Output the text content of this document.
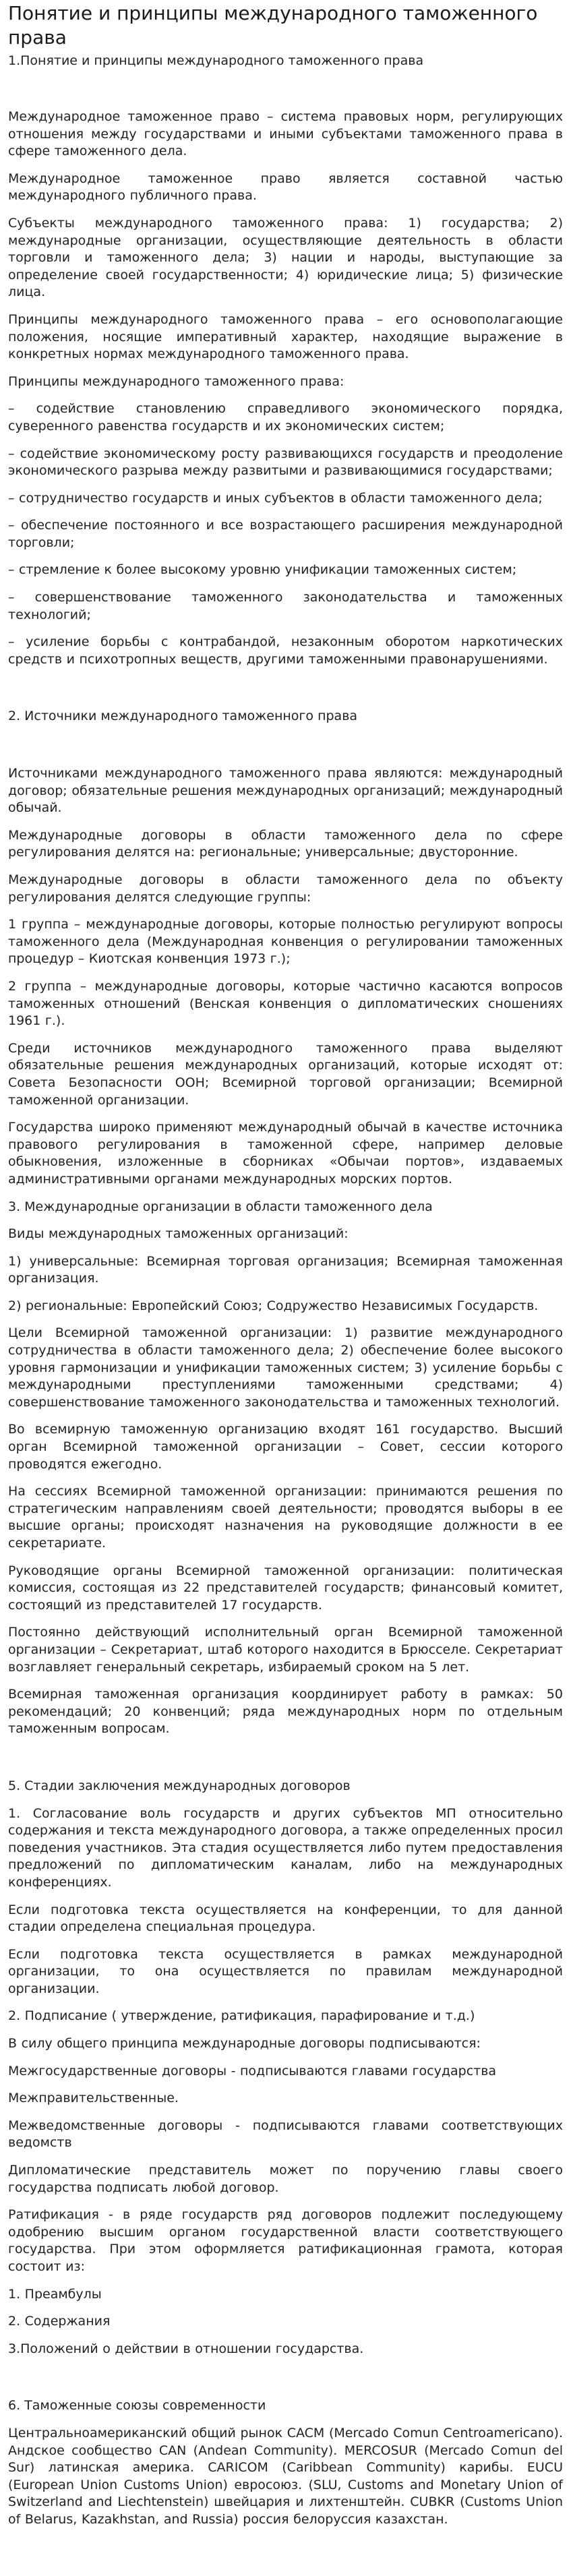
Понятие и принципы международного таможенного права
1.Понятие и принципы международного таможенного права

Международное таможенное право – система правовых норм, регулирующих отношения между государствами и иными субъектами таможенного права в сфере таможенного дела.

Международное таможенное право является составной частью международного публичного права.

Субъекты международного таможенного права: 1) государства; 2) международные организации, осуществляющие деятельность в области торговли и таможенного дела; 3) нации и народы, выступающие за определение своей государственности; 4) юридические лица; 5) физические лица.

Принципы международного таможенного права – его основополагающие положения, носящие императивный характер, находящие выражение в конкретных нормах международного таможенного права.

Принципы международного таможенного права:

– содействие становлению справедливого экономического порядка, суверенного равенства государств и их экономических систем;

– содействие экономическому росту развивающихся государств и преодоление экономического разрыва между развитыми и развивающимися государствами;

– сотрудничество государств и иных субъектов в области таможенного дела;

– обеспечение постоянного и все возрастающего расширения международной торговли;

– стремление к более высокому уровню унификации таможенных систем;

– совершенствование таможенного законодательства и таможенных технологий;

– усиление борьбы с контрабандой, незаконным оборотом наркотических средств и психотропных веществ, другими таможенными правонарушениями.

2. Источники международного таможенного права

Источниками международного таможенного права являются: международный договор; обязательные решения международных организаций; международный обычай.

Международные договоры в области таможенного дела по сфере регулирования делятся на: региональные; универсальные; двусторонние.

Международные договоры в области таможенного дела по объекту регулирования делятся следующие группы:

1 группа – международные договоры, которые полностью регулируют вопросы таможенного дела (Международная конвенция о регулировании таможенных процедур – Киотская конвенция 1973 г.);

2 группа – международные договоры, которые частично касаются вопросов таможенных отношений (Венская конвенция о дипломатических сношениях 1961 г.).

Среди источников международного таможенного права выделяют обязательные решения международных организаций, которые исходят от: Совета Безопасности ООН; Всемирной торговой организации; Всемирной таможенной организации.

Государства широко применяют международный обычай в качестве источника правового регулирования в таможенной сфере, например деловые обыкновения, изложенные в сборниках «Обычаи портов», издаваемых административными органами международных морских портов.

3. Международные организации в области таможенного дела

Виды международных таможенных организаций:

1) универсальные: Всемирная торговая организация; Всемирная таможенная организация.

2) региональные: Европейский Союз; Содружество Независимых Государств.

Цели Всемирной таможенной организации: 1) развитие международного сотрудничества в области таможенного дела; 2) обеспечение более высокого уровня гармонизации и унификации таможенных систем; 3) усиление борьбы с международными преступлениями таможенными средствами; 4) совершенствование таможенного законодательства и таможенных технологий.

Во всемирную таможенную организацию входят 161 государство. Высший орган Всемирной таможенной организации – Совет, сессии которого проводятся ежегодно.

На сессиях Всемирной таможенной организации: принимаются решения по стратегическим направлениям своей деятельности; проводятся выборы в ее высшие органы; происходят назначения на руководящие должности в ее секретариате.

Руководящие органы Всемирной таможенной организации: политическая комиссия, состоящая из 22 представителей государств; финансовый комитет, состоящий из представителей 17 государств.

Постоянно действующий исполнительный орган Всемирной таможенной организации – Секретариат, штаб которого находится в Брюсселе. Секретариат возглавляет генеральный секретарь, избираемый сроком на 5 лет.

Всемирная таможенная организация координирует работу в рамках: 50 рекомендаций; 20 конвенций; ряда международных норм по отдельным таможенным вопросам.

5. Стадии заключения международных договоров

1. Согласование воль государств и других субъектов МП относительно содержания и текста международного договора, а также определенных просил поведения участников. Эта стадия осуществляется либо путем предоставления предложений по дипломатическим каналам, либо на международных конференциях.

Если подготовка текста осуществляется на конференции, то для данной стадии определена специальная процедура.

Если подготовка текста осуществляется в рамках международной организации, то она осуществляется по правилам международной организации.

2. Подписание ( утверждение, ратификация, парафирование и т.д.)

В силу общего принципа международные договоры подписываются:

Межгосударственные договоры - подписываются главами государства

Межправительственные.

Межведомственные договоры - подписываются главами соответствующих ведомств

Дипломатические представитель может по поручению главы своего государства подписать любой договор.

Ратификация - в ряде государств ряд договоров подлежит последующему одобрению высшим органом государственной власти соответствующего государства. При этом оформляется ратификационная грамота, которая состоит из:

1. Преамбулы

2. Содержания

3.Положений о действии в отношении государства.

6. Таможенные союзы современности

Центральноамериканский общий рынок CACM (Mercado Comun Centroamericano). Андское сообщество CAN (Andean Community). MERCOSUR (Mercado Comun del Sur) латинская америка. CARICOM (Caribbean Community) карибы. EUCU (European Union Customs Union) евросоюз. (SLU, Customs and Monetary Union of Switzerland and Liechtenstein) швейцария и лихтенштейн. CUBKR (Customs Union of Belarus, Kazakhstan, and Russia) россия белоруссия казахстан.
